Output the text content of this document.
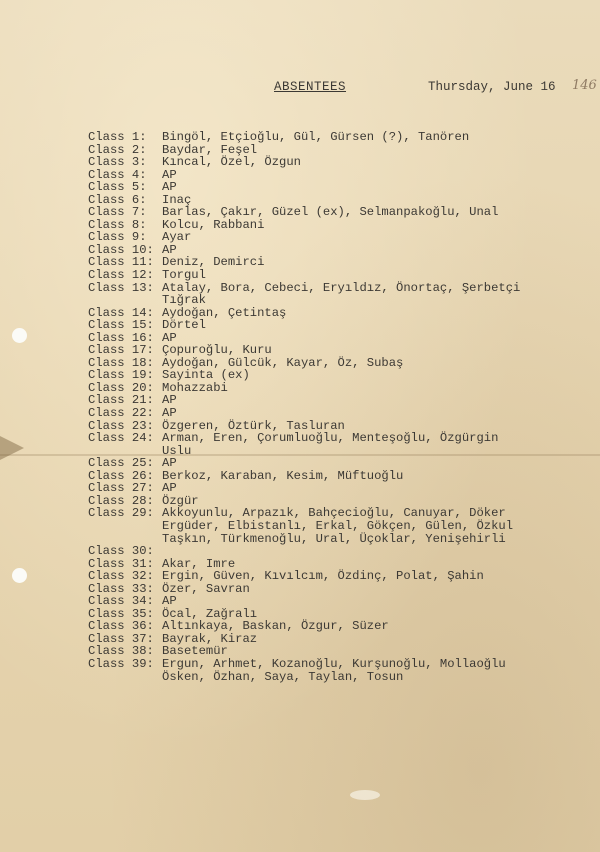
ABSENTEES	Thursday, June 16 146
Class 1: Bingöl, Etçioğlu, Gül, Gürsen (?), Tanören
Class 2: Baydar, Feşel
Class 3: Kıncal, Özel, Özgun
Class 4: AP
Class 5: AP
Class 6: Inaç
Class 7: Barlas, Çakır, Güzel (ex), Selmanpakoğlu, Unal
Class 8: Kolcu, Rabbani
Class 9: Ayar
Class 10: AP
Class 11: Deniz, Demirci
Class 12: Torgul
Class 13: Atalay, Bora, Cebeci, Eryıldız, Önortaç, Şerbetçi
Tığrak
Class 14: Aydoğan, Çetintaş
Class 15: Dörtel
Class 16: AP
Class 17: Çopuroğlu, Kuru
Class 18: Aydoğan, Gülcük, Kayar, Öz, Subaş
Class 19: Sayinta (ex)
Class 20: Mohazzabi
Class 21: AP
Class 22: AP
Class 23: Özgeren, Öztürk, Tasluran
Class 24: Arman, Eren, Çorumluoğlu, Menteşoğlu, Özgürgin
Uslu
Class 25: AP
Class 26: Berkoz, Karaban, Kesim, Müftuoğlu
Class 27: AP
Class 28: Özgür
Class 29: Akkoyunlu, Arpazık, Bahçecioğlu, Canuyar, Döker
Ergüder, Elbistanlı, Erkal, Gökçen, Gülen, Özkul
Taşkın, Türkmenoğlu, Ural, Üçoklar, Yenişehirli
Class 30:
Class 31: Akar, Imre
Class 32: Ergin, Güven, Kıvılcım, Özdinç, Polat, Şahin
Class 33: Özer, Savran
Class 34: AP
Class 35: Öcal, Zağralı
Class 36: Altınkaya, Baskan, Özgur, Süzer
Class 37: Bayrak, Kiraz
Class 38: Basetemür
Class 39: Ergun, Arhmet, Kozanoğlu, Kurşunoğlu, Mollaoğlu
Ösken, Özhan, Saya, Taylan, Tosun
